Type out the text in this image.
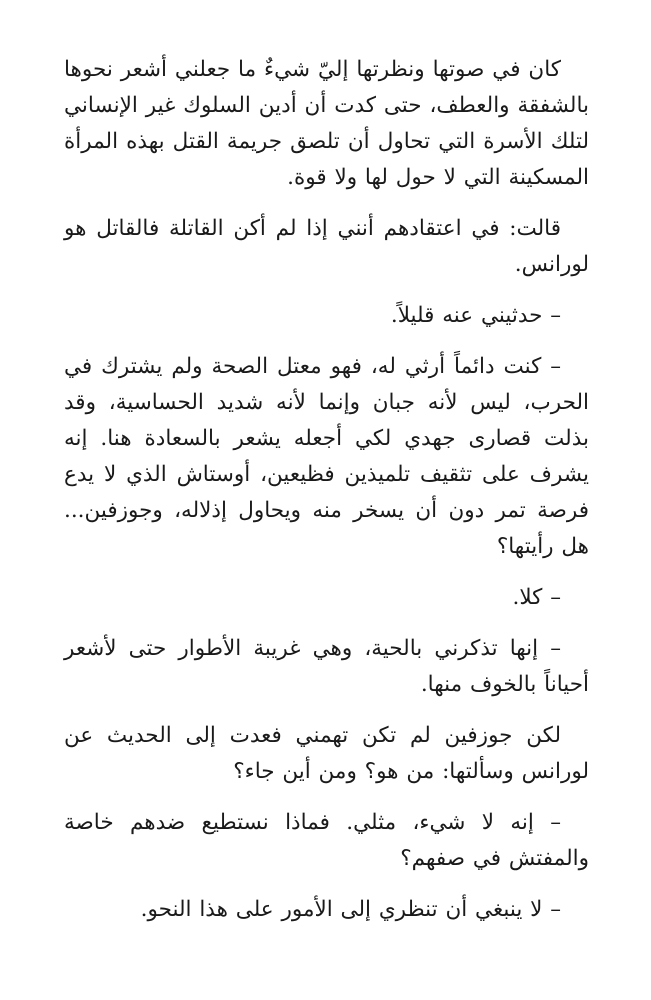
كان في صوتها ونظرتها إليّ شيءٌ ما جعلني أشعر نحوها بالشفقة والعطف، حتى كدت أن أدين السلوك غير الإنساني لتلك الأسرة التي تحاول أن تلصق جريمة القتل بهذه المرأة المسكينة التي لا حول لها ولا قوة.

قالت: في اعتقادهم أنني إذا لم أكن القاتلة فالقاتل هو لورانس.

– حدثيني عنه قليلاً.

– كنت دائماً أرثي له، فهو معتل الصحة ولم يشترك في الحرب، ليس لأنه جبان وإنما لأنه شديد الحساسية، وقد بذلت قصارى جهدي لكي أجعله يشعر بالسعادة هنا. إنه يشرف على تثقيف تلميذين فظيعين، أوستاش الذي لا يدع فرصة تمر دون أن يسخر منه ويحاول إذلاله، وجوزفين... هل رأيتها؟

– كلا.

– إنها تذكرني بالحية، وهي غريبة الأطوار حتى لأشعر أحياناً بالخوف منها.

لكن جوزفين لم تكن تهمني فعدت إلى الحديث عن لورانس وسألتها: من هو؟ ومن أين جاء؟

– إنه لا شيء، مثلي. فماذا نستطيع ضدهم خاصة والمفتش في صفهم؟

– لا ينبغي أن تنظري إلى الأمور على هذا النحو.
